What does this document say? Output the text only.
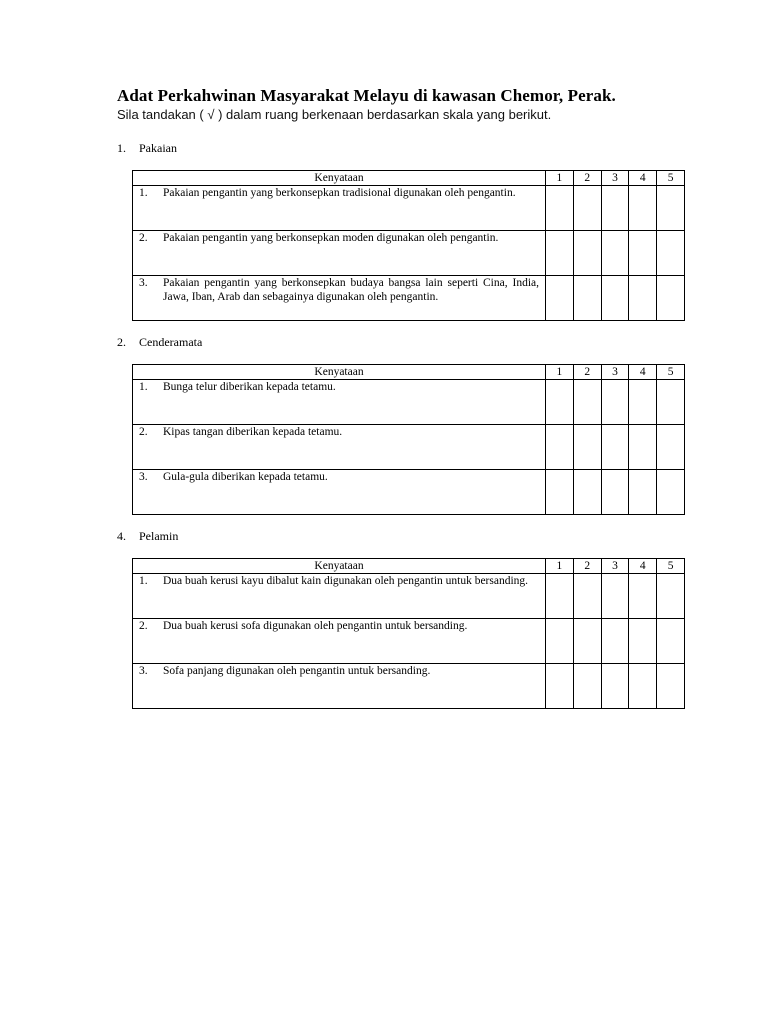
Adat Perkahwinan Masyarakat Melayu di kawasan Chemor, Perak.
Sila tandakan ( √ ) dalam ruang berkenaan berdasarkan skala yang berikut.
1. Pakaian
Kenyataan	1	2	3	4	5

1. Pakaian pengantin yang berkonsepkan tradisional digunakan oleh pengantin.					

2. Pakaian pengantin yang berkonsepkan moden digunakan oleh pengantin.					

3. Pakaian pengantin yang berkonsepkan budaya bangsa lain seperti Cina, India, Jawa, Iban, Arab dan sebagainya digunakan oleh pengantin.					

2. Cenderamata
Kenyataan	1	2	3	4	5

1. Bunga telur diberikan kepada tetamu.					

2. Kipas tangan diberikan kepada tetamu.					

3. Gula-gula diberikan kepada tetamu.					

4. Pelamin
Kenyataan	1	2	3	4	5

1. Dua buah kerusi kayu dibalut kain digunakan oleh pengantin untuk bersanding.					

2. Dua buah kerusi sofa digunakan oleh pengantin untuk bersanding.					

3. Sofa panjang digunakan oleh pengantin untuk bersanding.					
